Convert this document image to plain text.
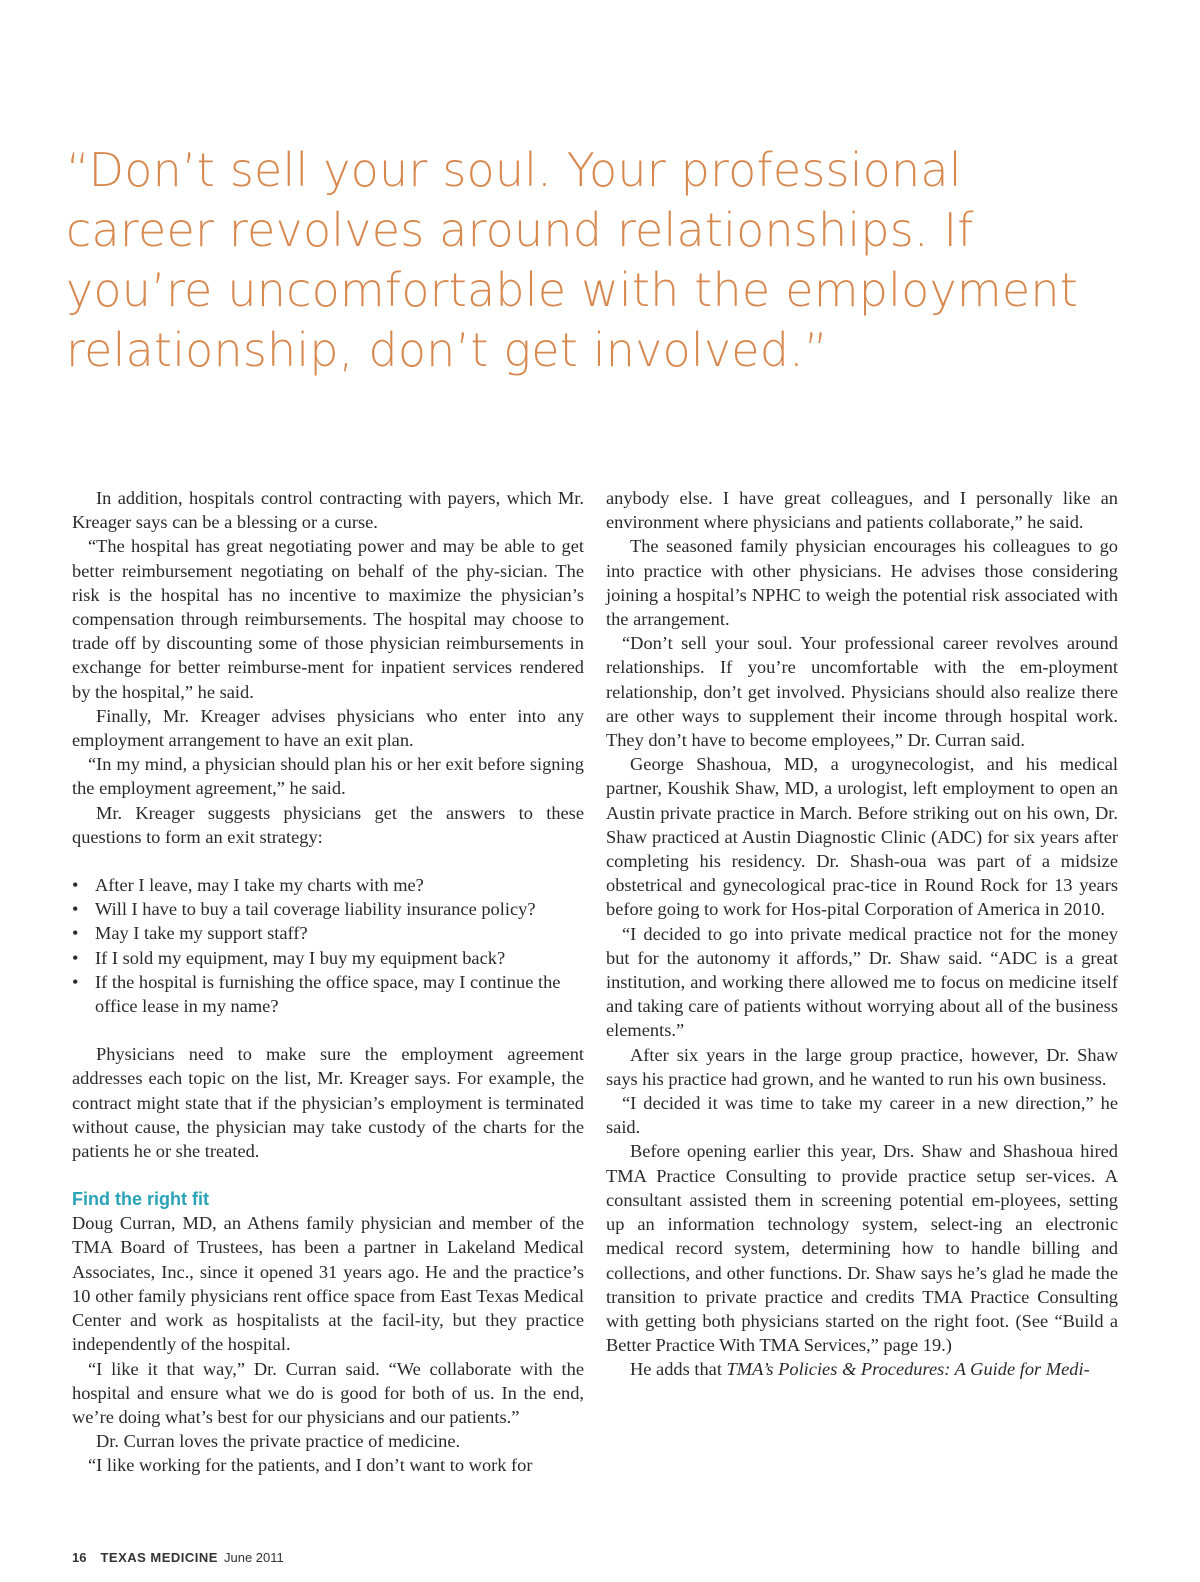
“Don’t sell your soul. Your professional career revolves around relationships. If you’re uncomfortable with the employment relationship, don’t get involved.”

In addition, hospitals control contracting with payers, which Mr. Kreager says can be a blessing or a curse.

“The hospital has great negotiating power and may be able to get better reimbursement negotiating on behalf of the phy-sician. The risk is the hospital has no incentive to maximize the physician’s compensation through reimbursements. The hospital may choose to trade off by discounting some of those physician reimbursements in exchange for better reimburse-ment for inpatient services rendered by the hospital,” he said.

Finally, Mr. Kreager advises physicians who enter into any employment arrangement to have an exit plan.

“In my mind, a physician should plan his or her exit before signing the employment agreement,” he said.

Mr. Kreager suggests physicians get the answers to these questions to form an exit strategy:

• After I leave, may I take my charts with me?
• Will I have to buy a tail coverage liability insurance policy?
• May I take my support staff?
• If I sold my equipment, may I buy my equipment back?
• If the hospital is furnishing the office space, may I continue the office lease in my name?

Physicians need to make sure the employment agreement addresses each topic on the list, Mr. Kreager says. For example, the contract might state that if the physician’s employment is terminated without cause, the physician may take custody of the charts for the patients he or she treated.

Find the right fit

Doug Curran, MD, an Athens family physician and member of the TMA Board of Trustees, has been a partner in Lakeland Medical Associates, Inc., since it opened 31 years ago. He and the practice’s 10 other family physicians rent office space from East Texas Medical Center and work as hospitalists at the facil-ity, but they practice independently of the hospital.

“I like it that way,” Dr. Curran said. “We collaborate with the hospital and ensure what we do is good for both of us. In the end, we’re doing what’s best for our physicians and our patients.”

Dr. Curran loves the private practice of medicine.

“I like working for the patients, and I don’t want to work for

anybody else. I have great colleagues, and I personally like an environment where physicians and patients collaborate,” he said.

The seasoned family physician encourages his colleagues to go into practice with other physicians. He advises those considering joining a hospital’s NPHC to weigh the potential risk associated with the arrangement.

“Don’t sell your soul. Your professional career revolves around relationships. If you’re uncomfortable with the em-ployment relationship, don’t get involved. Physicians should also realize there are other ways to supplement their income through hospital work. They don’t have to become employees,” Dr. Curran said.

George Shashoua, MD, a urogynecologist, and his medical partner, Koushik Shaw, MD, a urologist, left employment to open an Austin private practice in March. Before striking out on his own, Dr. Shaw practiced at Austin Diagnostic Clinic (ADC) for six years after completing his residency. Dr. Shash-oua was part of a midsize obstetrical and gynecological prac-tice in Round Rock for 13 years before going to work for Hos-pital Corporation of America in 2010.

“I decided to go into private medical practice not for the money but for the autonomy it affords,” Dr. Shaw said. “ADC is a great institution, and working there allowed me to focus on medicine itself and taking care of patients without worrying about all of the business elements.”

After six years in the large group practice, however, Dr. Shaw says his practice had grown, and he wanted to run his own business.

“I decided it was time to take my career in a new direction,” he said.

Before opening earlier this year, Drs. Shaw and Shashoua hired TMA Practice Consulting to provide practice setup ser-vices. A consultant assisted them in screening potential em-ployees, setting up an information technology system, select-ing an electronic medical record system, determining how to handle billing and collections, and other functions. Dr. Shaw says he’s glad he made the transition to private practice and credits TMA Practice Consulting with getting both physicians started on the right foot. (See “Build a Better Practice With TMA Services,” page 19.)

He adds that TMA’s Policies & Procedures: A Guide for Medi-

16 TEXAS MEDICINE June 2011
